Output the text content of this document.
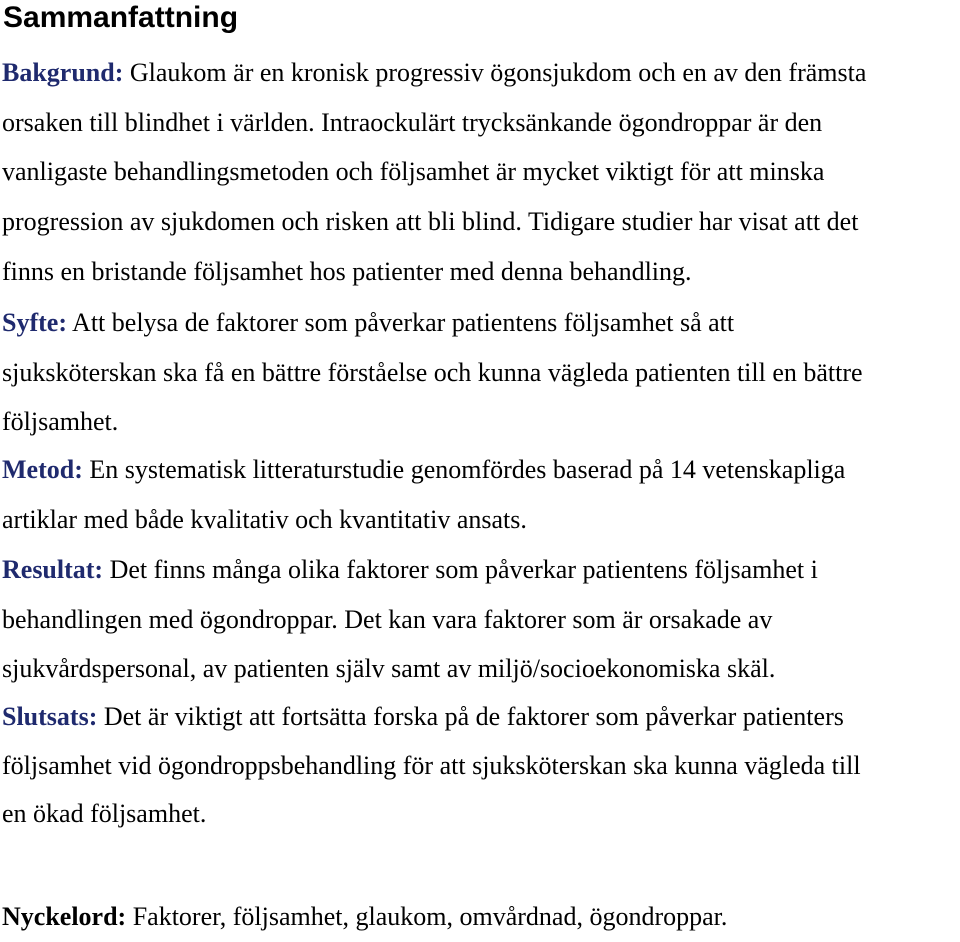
Sammanfattning

Bakgrund: Glaukom är en kronisk progressiv ögonsjukdom och en av den främsta
orsaken till blindhet i världen. Intraockulärt trycksänkande ögondroppar är den
vanligaste behandlingsmetoden och följsamhet är mycket viktigt för att minska
progression av sjukdomen och risken att bli blind. Tidigare studier har visat att det
finns en bristande följsamhet hos patienter med denna behandling.

Syfte: Att belysa de faktorer som påverkar patientens följsamhet så att
sjuksköterskan ska få en bättre förståelse och kunna vägleda patienten till en bättre
följsamhet.

Metod: En systematisk litteraturstudie genomfördes baserad på 14 vetenskapliga
artiklar med både kvalitativ och kvantitativ ansats.

Resultat: Det finns många olika faktorer som påverkar patientens följsamhet i
behandlingen med ögondroppar. Det kan vara faktorer som är orsakade av
sjukvårdspersonal, av patienten själv samt av miljö/socioekonomiska skäl.

Slutsats: Det är viktigt att fortsätta forska på de faktorer som påverkar patienters
följsamhet vid ögondroppsbehandling för att sjuksköterskan ska kunna vägleda till
en ökad följsamhet.

Nyckelord: Faktorer, följsamhet, glaukom, omvårdnad, ögondroppar.
